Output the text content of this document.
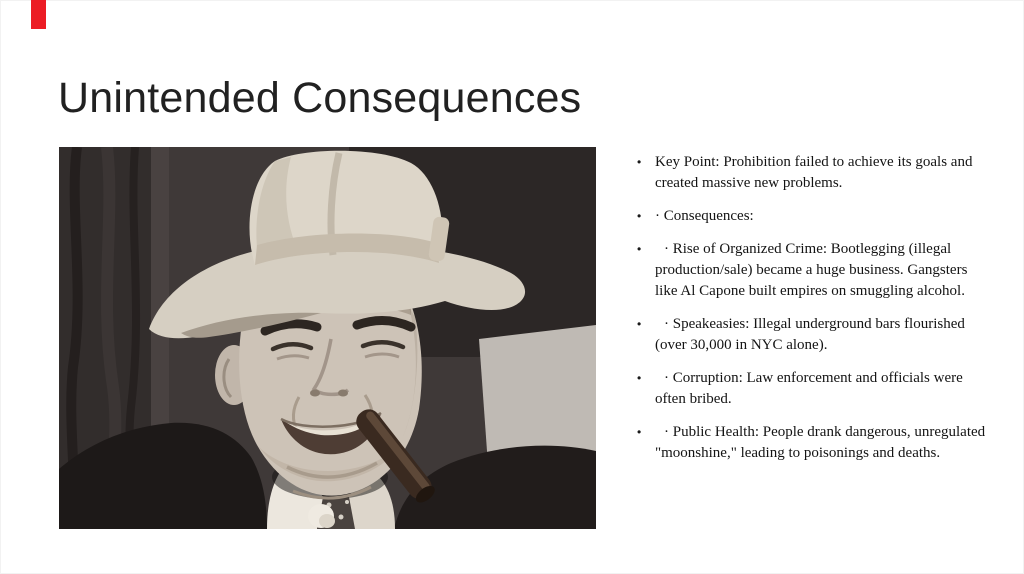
Unintended Consequences
• Key Point: Prohibition failed to achieve its goals and created massive new problems.
• · Consequences:
•	· Rise of Organized Crime: Bootlegging (illegal production/sale) became a huge business. Gangsters like Al Capone built empires on smuggling alcohol.
•	· Speakeasies: Illegal underground bars flourished (over 30,000 in NYC alone).
•	· Corruption: Law enforcement and officials were often bribed.
•	· Public Health: People drank dangerous, unregulated "moonshine," leading to poisonings and deaths.
